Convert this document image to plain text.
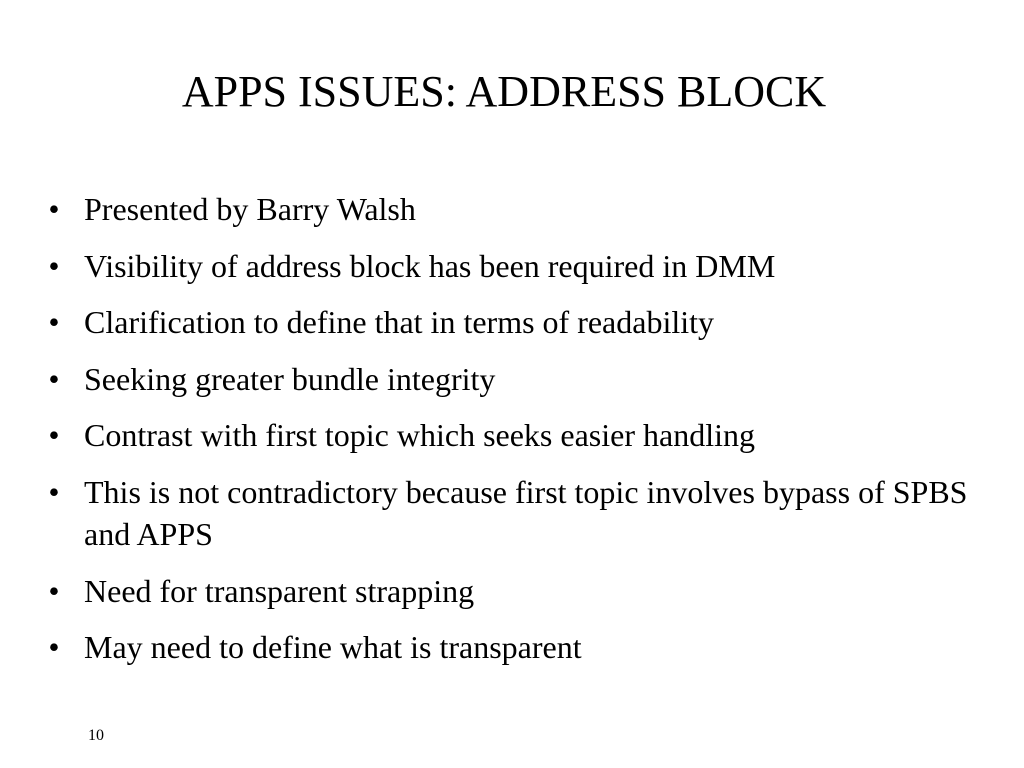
APPS ISSUES: ADDRESS BLOCK
• Presented by Barry Walsh
• Visibility of address block has been required in DMM
• Clarification to define that in terms of readability
• Seeking greater bundle integrity
• Contrast with first topic which seeks easier handling
• This is not contradictory because first topic involves bypass of SPBS and APPS
• Need for transparent strapping
• May need to define what is transparent
10
